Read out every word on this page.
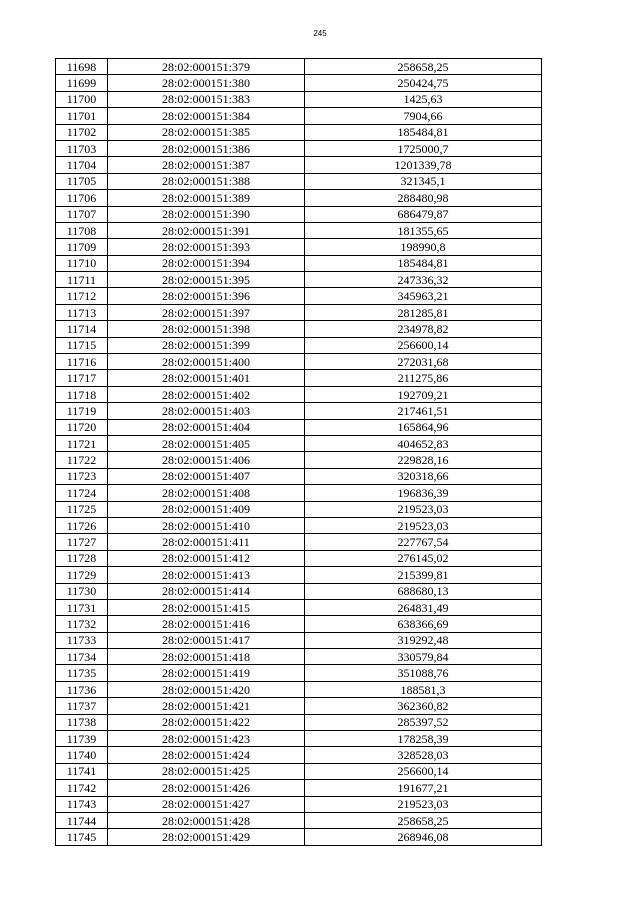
245
11698	28:02:000151:379	258658,25
11699	28:02:000151:380	250424,75
11700	28:02:000151:383	1425,63
11701	28:02:000151:384	7904,66
11702	28:02:000151:385	185484,81
11703	28:02:000151:386	1725000,7
11704	28:02:000151:387	1201339,78
11705	28:02:000151:388	321345,1
11706	28:02:000151:389	288480,98
11707	28:02:000151:390	686479,87
11708	28:02:000151:391	181355,65
11709	28:02:000151:393	198990,8
11710	28:02:000151:394	185484,81
11711	28:02:000151:395	247336,32
11712	28:02:000151:396	345963,21
11713	28:02:000151:397	281285,81
11714	28:02:000151:398	234978,82
11715	28:02:000151:399	256600,14
11716	28:02:000151:400	272031,68
11717	28:02:000151:401	211275,86
11718	28:02:000151:402	192709,21
11719	28:02:000151:403	217461,51
11720	28:02:000151:404	165864,96
11721	28:02:000151:405	404652,83
11722	28:02:000151:406	229828,16
11723	28:02:000151:407	320318,66
11724	28:02:000151:408	196836,39
11725	28:02:000151:409	219523,03
11726	28:02:000151:410	219523,03
11727	28:02:000151:411	227767,54
11728	28:02:000151:412	276145,02
11729	28:02:000151:413	215399,81
11730	28:02:000151:414	688680,13
11731	28:02:000151:415	264831,49
11732	28:02:000151:416	638366,69
11733	28:02:000151:417	319292,48
11734	28:02:000151:418	330579,84
11735	28:02:000151:419	351088,76
11736	28:02:000151:420	188581,3
11737	28:02:000151:421	362360,82
11738	28:02:000151:422	285397,52
11739	28:02:000151:423	178258,39
11740	28:02:000151:424	328528,03
11741	28:02:000151:425	256600,14
11742	28:02:000151:426	191677,21
11743	28:02:000151:427	219523,03
11744	28:02:000151:428	258658,25
11745	28:02:000151:429	268946,08
